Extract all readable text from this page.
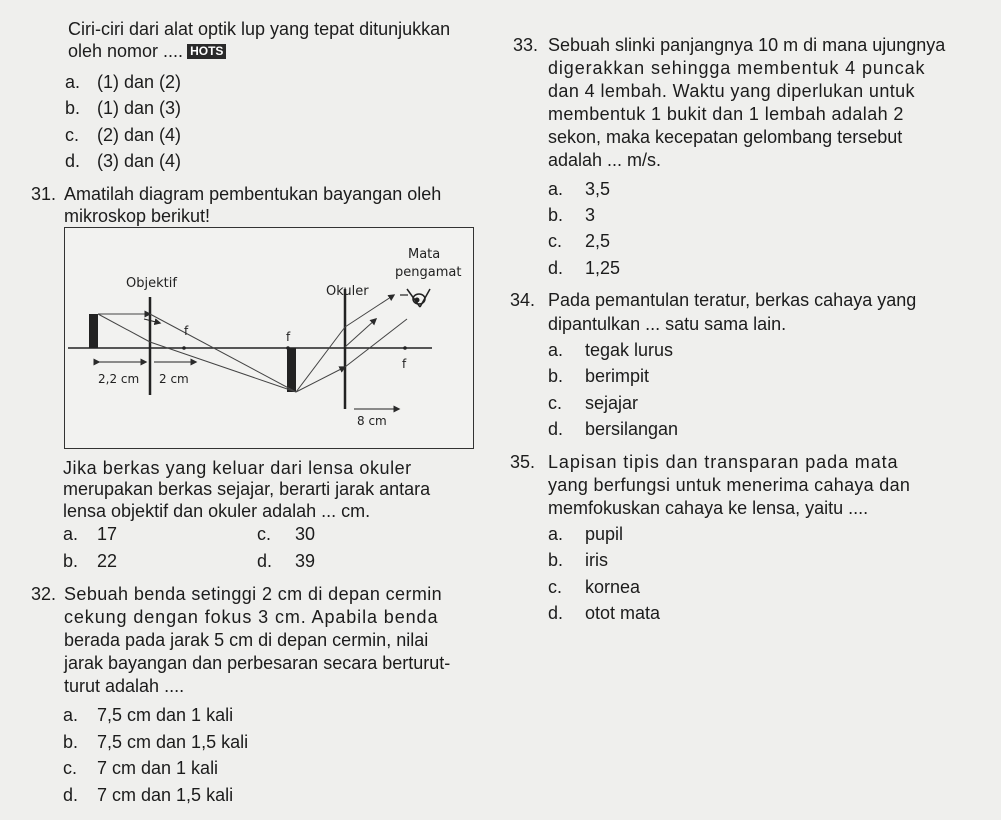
Ciri-ciri dari alat optik lup yang tepat ditunjukkan
oleh nomor .... HOTS
a. (1) dan (2)
b. (1) dan (3)
c. (2) dan (4)
d. (3) dan (4)
31. Amatilah diagram pembentukan bayangan oleh
mikroskop berikut!
Objektif
Okuler
Mata
pengamat
f	f
f
2,2 cm 2 cm
8 cm
Jika berkas yang keluar dari lensa okuler
merupakan berkas sejajar, berarti jarak antara
lensa objektif dan okuler adalah ... cm.
a. 17
b. 22
c. 30
d. 39
32. Sebuah benda setinggi 2 cm di depan cermin
cekung dengan fokus 3 cm. Apabila benda
berada pada jarak 5 cm di depan cermin, nilai
jarak bayangan dan perbesaran secara berturut-
turut adalah ....
a. 7,5 cm dan 1 kali
b. 7,5 cm dan 1,5 kali
c. 7 cm dan 1 kali
d. 7 cm dan 1,5 kali
33. Sebuah slinki panjangnya 10 m di mana ujungnya
digerakkan sehingga membentuk 4 puncak
dan 4 lembah. Waktu yang diperlukan untuk
membentuk 1 bukit dan 1 lembah adalah 2
sekon, maka kecepatan gelombang tersebut
adalah ... m/s.
a. 3,5
b. 3
c. 2,5
d. 1,25
34. Pada pemantulan teratur, berkas cahaya yang
dipantulkan ... satu sama lain.
a. tegak lurus
b. berimpit
c. sejajar
d. bersilangan
35. Lapisan tipis dan transparan pada mata
yang berfungsi untuk menerima cahaya dan
memfokuskan cahaya ke lensa, yaitu ....
a. pupil
b. iris
c. kornea
d. otot mata
